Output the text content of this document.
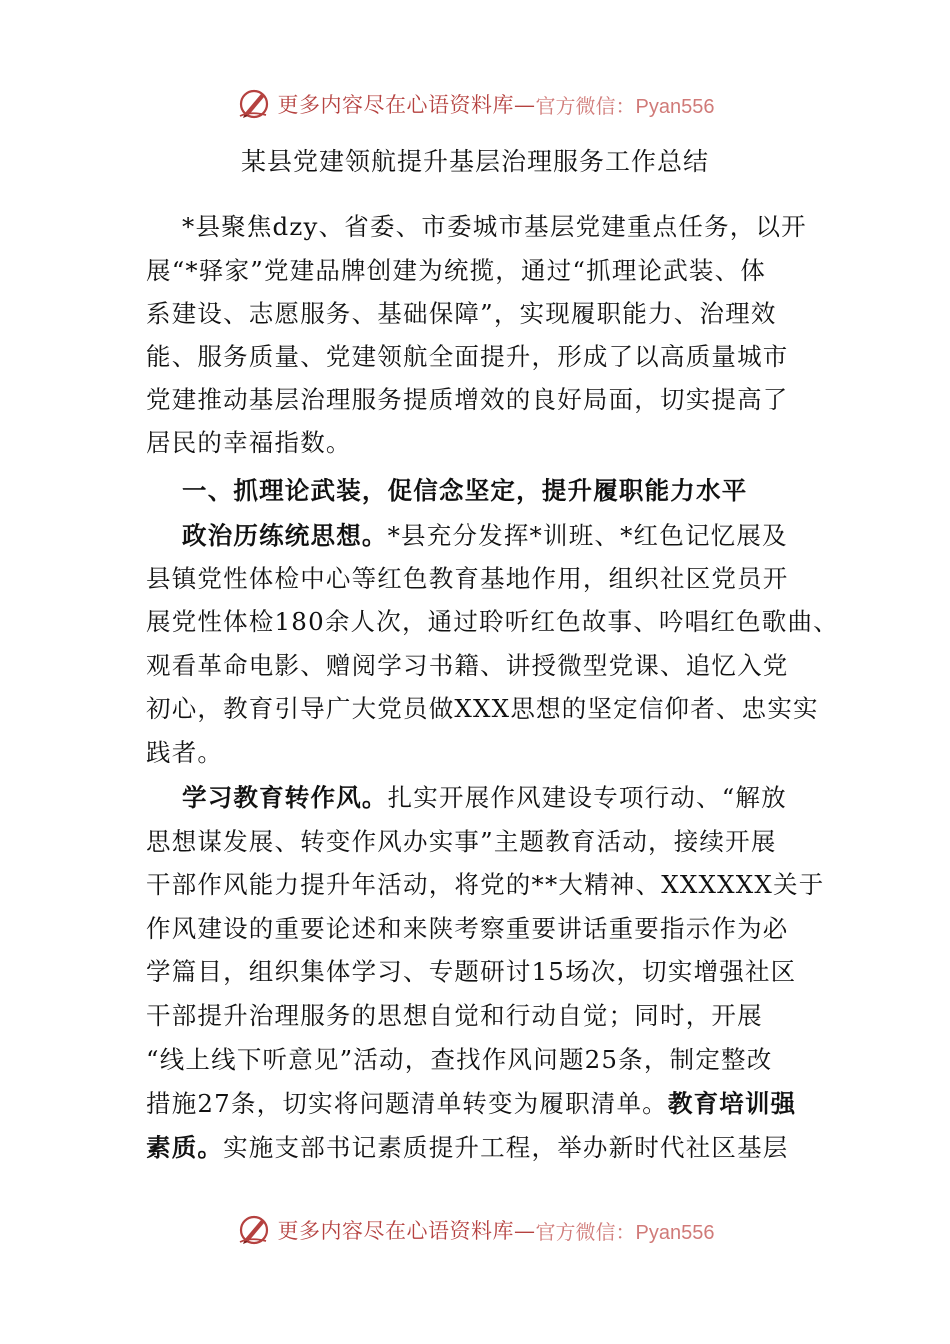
更多内容尽在心语资料库— 官方微信：Pyan556
某县党建领航提升基层治理服务工作总结
*县聚焦dzy、省委、市委城市基层党建重点任务，以开
展“*驿家”党建品牌创建为统揽，通过“抓理论武装、体
系建设、志愿服务、基础保障”，实现履职能力、治理效
能、服务质量、党建领航全面提升，形成了以高质量城市
党建推动基层治理服务提质增效的良好局面，切实提高了
居民的幸福指数。
一、抓理论武装，促信念坚定，提升履职能力水平
政治历练统思想。*县充分发挥*训班、*红色记忆展及
县镇党性体检中心等红色教育基地作用，组织社区党员开
展党性体检180余人次，通过聆听红色故事、吟唱红色歌曲、
观看革命电影、赠阅学习书籍、讲授微型党课、追忆入党
初心，教育引导广大党员做XXX思想的坚定信仰者、忠实实
践者。
学习教育转作风。扎实开展作风建设专项行动、“解放
思想谋发展、转变作风办实事”主题教育活动，接续开展
干部作风能力提升年活动，将党的**大精神、XXXXXX关于
作风建设的重要论述和来陕考察重要讲话重要指示作为必
学篇目，组织集体学习、专题研讨15场次，切实增强社区
干部提升治理服务的思想自觉和行动自觉；同时，开展
“线上线下听意见”活动，查找作风问题25条，制定整改
措施27条，切实将问题清单转变为履职清单。教育培训强
素质。实施支部书记素质提升工程，举办新时代社区基层
更多内容尽在心语资料库— 官方微信：Pyan556
